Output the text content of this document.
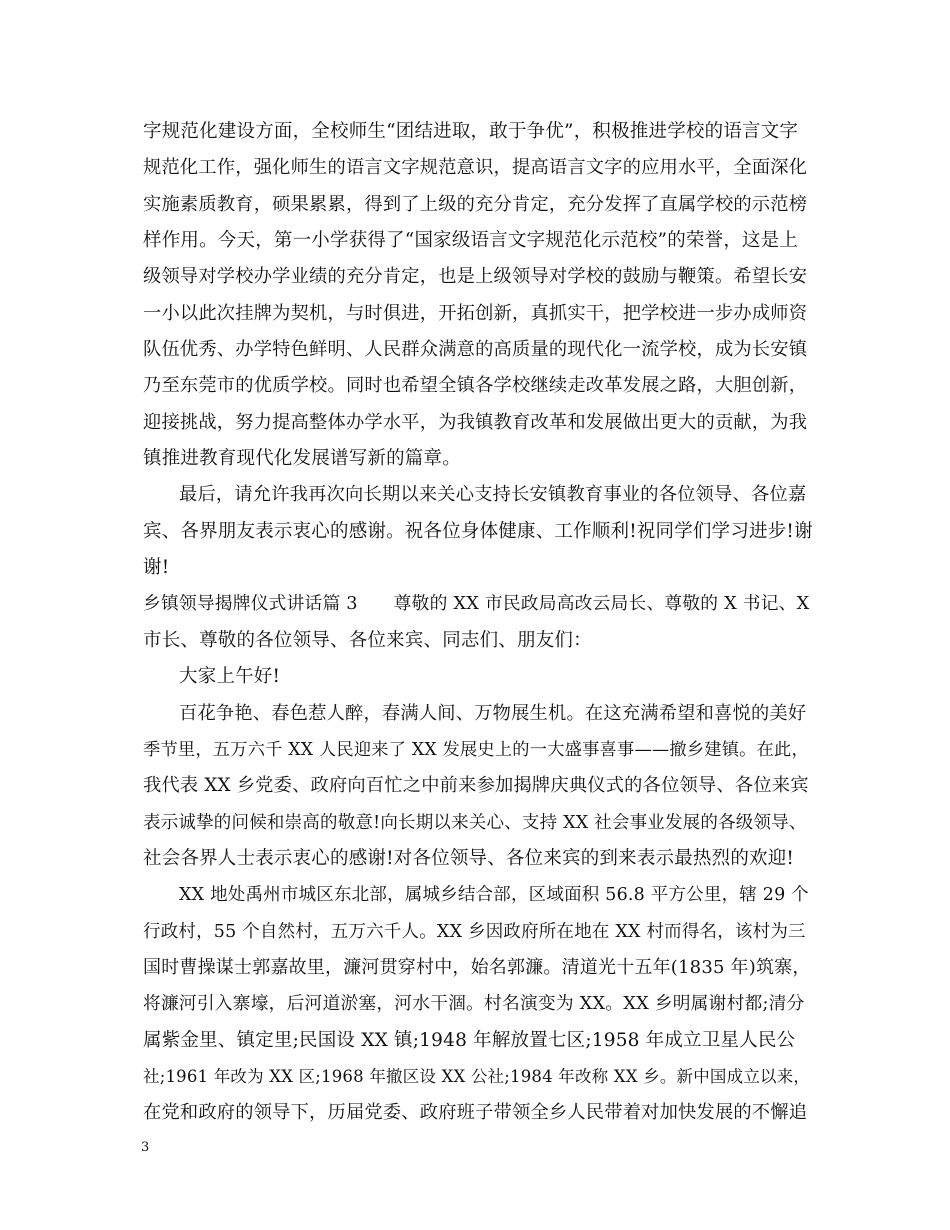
字规范化建设方面，全校师生“团结进取，敢于争优”，积极推进学校的语言文字
规范化工作，强化师生的语言文字规范意识，提高语言文字的应用水平，全面深化
实施素质教育，硕果累累，得到了上级的充分肯定，充分发挥了直属学校的示范榜
样作用。今天，第一小学获得了“国家级语言文字规范化示范校”的荣誉，这是上
级领导对学校办学业绩的充分肯定，也是上级领导对学校的鼓励与鞭策。希望长安
一小以此次挂牌为契机，与时俱进，开拓创新，真抓实干，把学校进一步办成师资
队伍优秀、办学特色鲜明、人民群众满意的高质量的现代化一流学校，成为长安镇
乃至东莞市的优质学校。同时也希望全镇各学校继续走改革发展之路，大胆创新，
迎接挑战，努力提高整体办学水平，为我镇教育改革和发展做出更大的贡献，为我
镇推进教育现代化发展谱写新的篇章。
最后，请允许我再次向长期以来关心支持长安镇教育事业的各位领导、各位嘉
宾、各界朋友表示衷心的感谢。祝各位身体健康、工作顺利!祝同学们学习进步!谢
谢!
乡镇领导揭牌仪式讲话篇 3　　尊敬的 XX 市民政局高改云局长、尊敬的 X 书记、X
市长、尊敬的各位领导、各位来宾、同志们、朋友们：
大家上午好!
百花争艳、春色惹人醉，春满人间、万物展生机。在这充满希望和喜悦的美好
季节里，五万六千 XX 人民迎来了 XX 发展史上的一大盛事喜事——撤乡建镇。在此，
我代表 XX 乡党委、政府向百忙之中前来参加揭牌庆典仪式的各位领导、各位来宾
表示诚挚的问候和崇高的敬意!向长期以来关心、支持 XX 社会事业发展的各级领导、
社会各界人士表示衷心的感谢!对各位领导、各位来宾的到来表示最热烈的欢迎!
XX 地处禹州市城区东北部，属城乡结合部，区域面积 56.8 平方公里，辖 29 个
行政村，55 个自然村，五万六千人。XX 乡因政府所在地在 XX 村而得名，该村为三
国时曹操谋士郭嘉故里，濂河贯穿村中，始名郭濂。清道光十五年(1835 年)筑寨，
将濂河引入寨壕，后河道淤塞，河水干涸。村名演变为 XX。XX 乡明属谢村都;清分
属紫金里、镇定里;民国设 XX 镇;1948 年解放置七区;1958 年成立卫星人民公
社;1961 年改为 XX 区;1968 年撤区设 XX 公社;1984 年改称 XX 乡。新中国成立以来，
在党和政府的领导下，历届党委、政府班子带领全乡人民带着对加快发展的不懈追
3
